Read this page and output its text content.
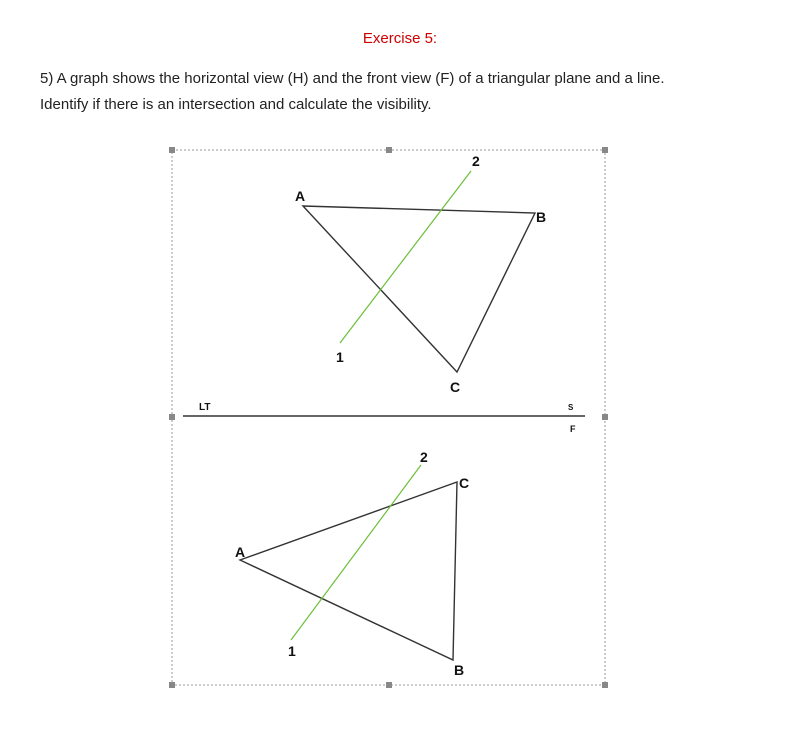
Exercise 5:
5) A graph shows the horizontal view (H) and the front view (F) of a triangular plane and a line.
Identify if there is an intersection and calculate the visibility.
LT	S
F
A
B
C
1
2
A
B
C
1
2
